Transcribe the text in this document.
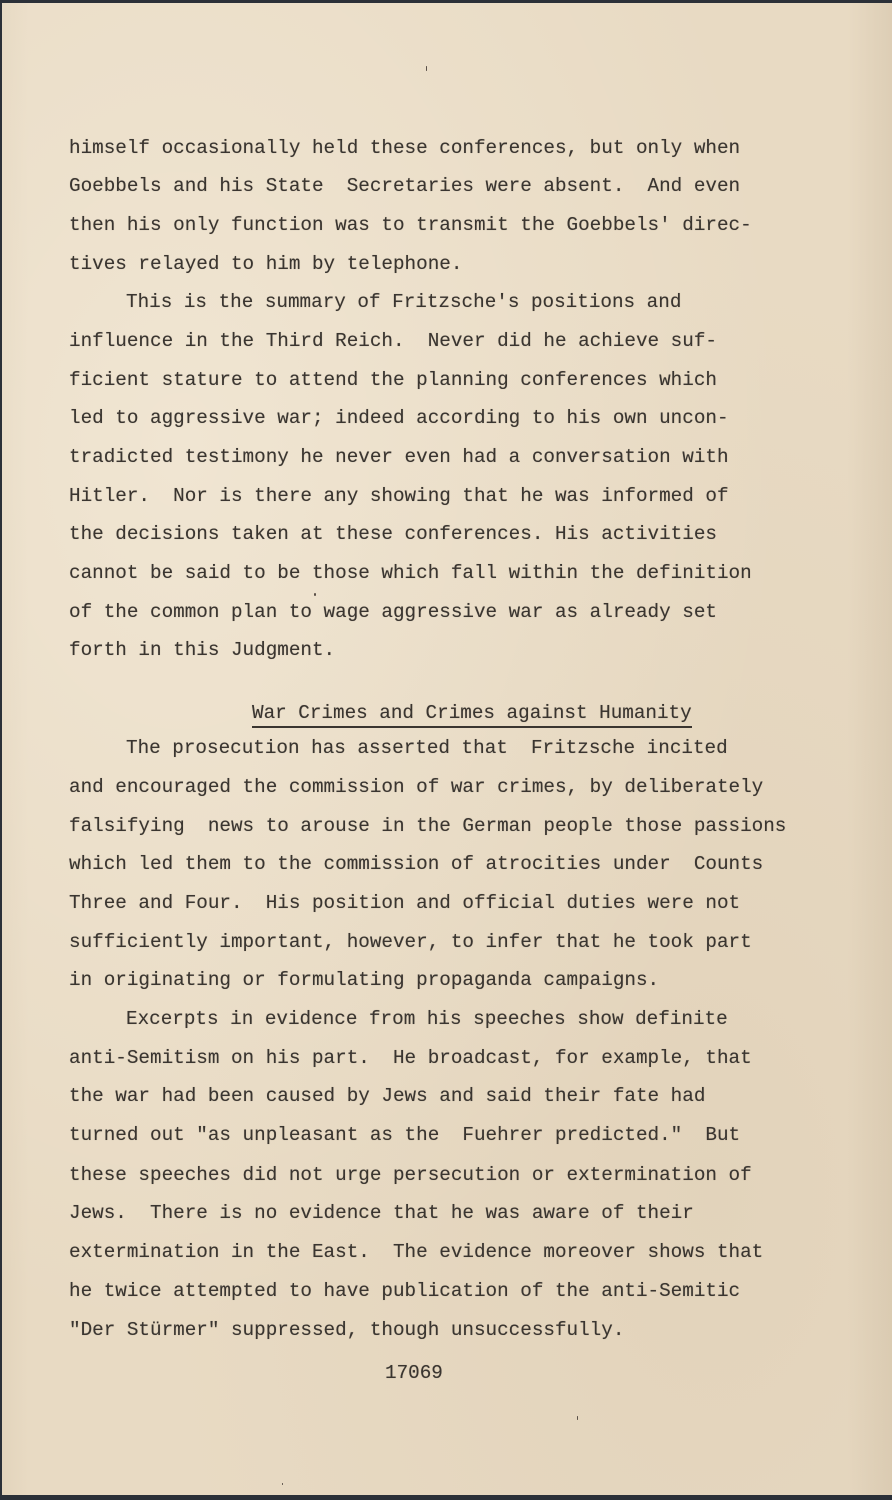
himself occasionally held these conferences, but only when
Goebbels and his State  Secretaries were absent.  And even
then his only function was to transmit the Goebbels' direc-
tives relayed to him by telephone.
This is the summary of Fritzsche's positions and
influence in the Third Reich.  Never did he achieve suf-
ficient stature to attend the planning conferences which
led to aggressive war; indeed according to his own uncon-
tradicted testimony he never even had a conversation with
Hitler.  Nor is there any showing that he was informed of
the decisions taken at these conferences. His activities
cannot be said to be those which fall within the definition
of the common plan to wage aggressive war as already set
forth in this Judgment.
War Crimes and Crimes against Humanity
The prosecution has asserted that  Fritzsche incited
and encouraged the commission of war crimes, by deliberately
falsifying  news to arouse in the German people those passions
which led them to the commission of atrocities under  Counts
Three and Four.  His position and official duties were not
sufficiently important, however, to infer that he took part
in originating or formulating propaganda campaigns.
Excerpts in evidence from his speeches show definite
anti-Semitism on his part.  He broadcast, for example, that
the war had been caused by Jews and said their fate had
turned out "as unpleasant as the  Fuehrer predicted."  But
these speeches did not urge persecution or extermination of
Jews.  There is no evidence that he was aware of their
extermination in the East.  The evidence moreover shows that
he twice attempted to have publication of the anti-Semitic
"Der Stürmer" suppressed, though unsuccessfully.
17069
